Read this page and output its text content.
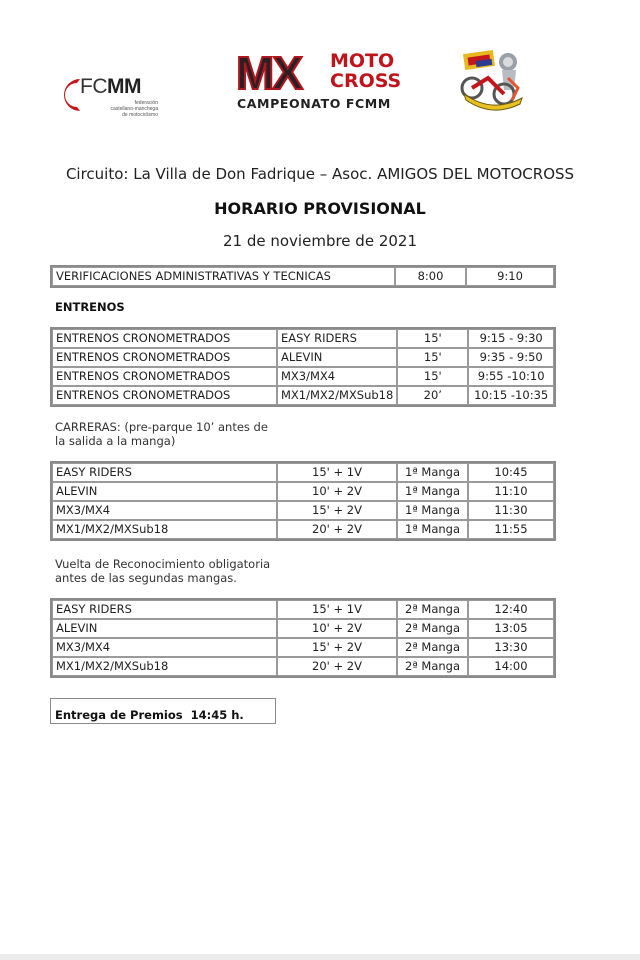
FCMM
federación
castellano-manchega
de motociclismo
MX MOTO
CROSS
CAMPEONATO FCMM
Circuito: La Villa de Don Fadrique – Asoc. AMIGOS DEL MOTOCROSS
HORARIO PROVISIONAL
21 de noviembre de 2021
VERIFICACIONES ADMINISTRATIVAS Y TECNICAS	8:00	9:10
ENTRENOS
ENTRENOS CRONOMETRADOS	EASY RIDERS	15'	9:15 - 9:30
ENTRENOS CRONOMETRADOS	ALEVIN	15'	9:35 - 9:50
ENTRENOS CRONOMETRADOS	MX3/MX4	15'	9:55 -10:10
ENTRENOS CRONOMETRADOS	MX1/MX2/MXSub18	20’	10:15 -10:35
CARRERAS: (pre-parque 10’ antes de
la salida a la manga)
EASY RIDERS	15' + 1V	1ª Manga	10:45
ALEVIN	10' + 2V	1ª Manga	11:10
MX3/MX4	15' + 2V	1ª Manga	11:30
MX1/MX2/MXSub18	20' + 2V	1ª Manga	11:55
Vuelta de Reconocimiento obligatoria
antes de las segundas mangas.
EASY RIDERS	15' + 1V	2ª Manga	12:40
ALEVIN	10' + 2V	2ª Manga	13:05
MX3/MX4	15' + 2V	2ª Manga	13:30
MX1/MX2/MXSub18	20' + 2V	2ª Manga	14:00
Entrega de Premios  14:45 h.
